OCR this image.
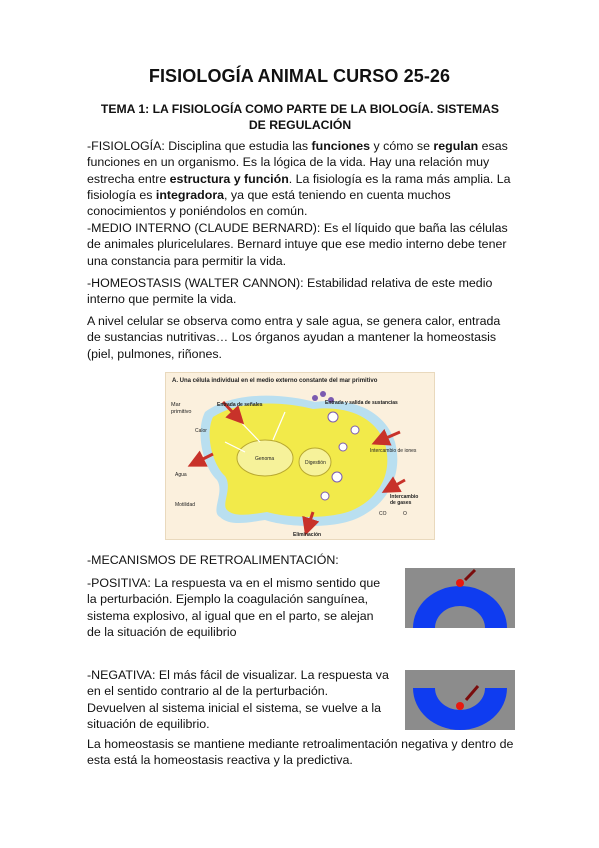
FISIOLOGÍA ANIMAL CURSO 25-26
TEMA 1: LA FISIOLOGÍA COMO PARTE DE LA BIOLOGÍA. SISTEMAS DE REGULACIÓN
-FISIOLOGÍA: Disciplina que estudia las funciones y cómo se regulan esas funciones en un organismo. Es la lógica de la vida. Hay una relación muy estrecha entre estructura y función. La fisiología es la rama más amplia. La fisiología es integradora, ya que está teniendo en cuenta muchos conocimientos y poniéndolos en común.
-MEDIO INTERNO (CLAUDE BERNARD): Es el líquido que baña las células de animales pluricelulares. Bernard intuye que ese medio interno debe tener una constancia para permitir la vida.
-HOMEOSTASIS (WALTER CANNON): Estabilidad relativa de este medio interno que permite la vida.
A nivel celular se observa como entra y sale agua, se genera calor, entrada de sustancias nutritivas… Los órganos ayudan a mantener la homeostasis (piel, pulmones, riñones.
A. Una célula individual en el medio externo constante del mar primitivo
Mar
primitivo
Entrada de señales
Calor
Agua
Motilidad
Genoma
Digestión
Entrada y salida de sustancias
Intercambio de iones
Intercambio
de gases
CO	O
Eliminación
-MECANISMOS DE RETROALIMENTACIÓN:
-POSITIVA: La respuesta va en el mismo sentido que la perturbación. Ejemplo la coagulación sanguínea, sistema explosivo, al igual que en el parto, se alejan de la situación de equilibrio
-NEGATIVA: El más fácil de visualizar. La respuesta va en el sentido contrario al de la perturbación. Devuelven al sistema inicial el sistema, se vuelve a la situación de equilibrio.
La homeostasis se mantiene mediante retroalimentación negativa y dentro de esta está la homeostasis reactiva y la predictiva.
